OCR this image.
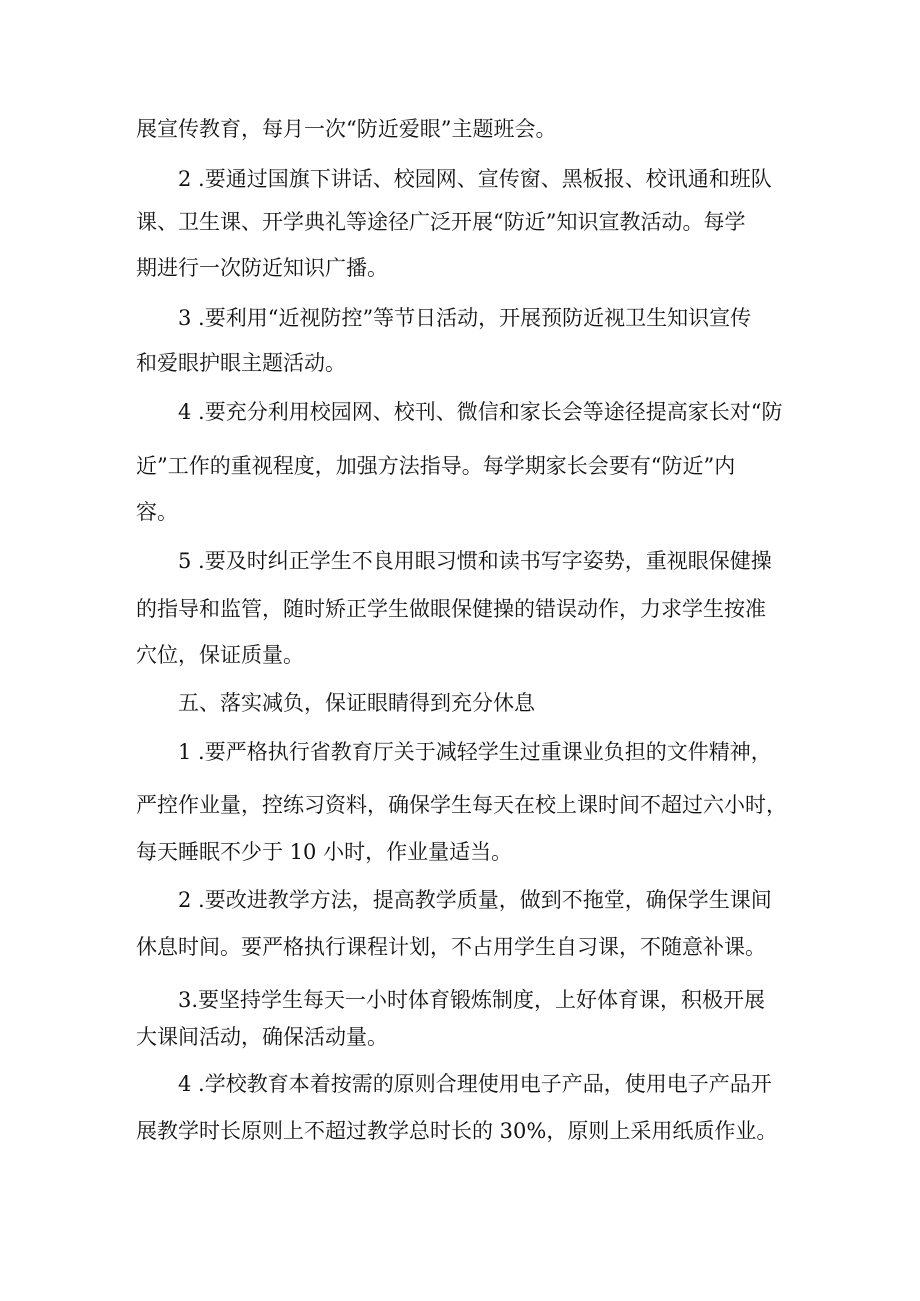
展宣传教育，每月一次“防近爱眼”主题班会。
2 .要通过国旗下讲话、校园网、宣传窗、黑板报、校讯通和班队
课、卫生课、开学典礼等途径广泛开展“防近”知识宣教活动。每学
期进行一次防近知识广播。
3 .要利用“近视防控”等节日活动，开展预防近视卫生知识宣传
和爱眼护眼主题活动。
4 .要充分利用校园网、校刊、微信和家长会等途径提高家长对“防
近”工作的重视程度，加强方法指导。每学期家长会要有“防近”内
容。
5 .要及时纠正学生不良用眼习惯和读书写字姿势，重视眼保健操
的指导和监管，随时矫正学生做眼保健操的错误动作，力求学生按准
穴位，保证质量。
五、落实减负，保证眼睛得到充分休息
1 .要严格执行省教育厅关于减轻学生过重课业负担的文件精神，
严控作业量，控练习资料，确保学生每天在校上课时间不超过六小时，
每天睡眠不少于 10 小时，作业量适当。
2 .要改进教学方法，提高教学质量，做到不拖堂，确保学生课间
休息时间。要严格执行课程计划，不占用学生自习课，不随意补课。
3.要坚持学生每天一小时体育锻炼制度，上好体育课，积极开展
大课间活动，确保活动量。
4 .学校教育本着按需的原则合理使用电子产品，使用电子产品开
展教学时长原则上不超过教学总时长的 30%，原则上采用纸质作业。
